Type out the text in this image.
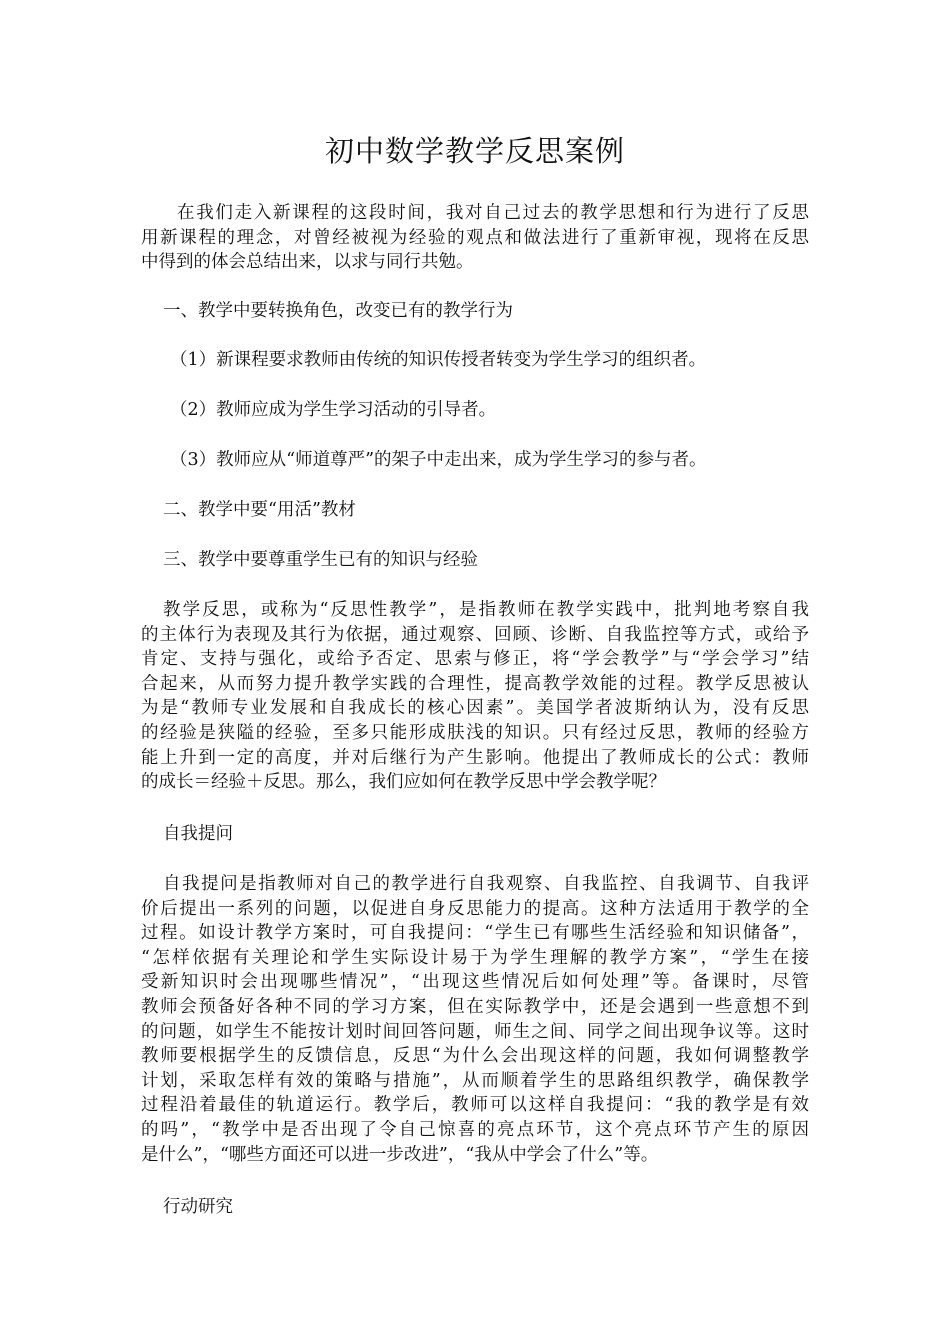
初中数学教学反思案例
在我们走入新课程的这段时间，我对自己过去的教学思想和行为进行了反思
用新课程的理念，对曾经被视为经验的观点和做法进行了重新审视，现将在反思
中得到的体会总结出来，以求与同行共勉。

一、教学中要转换角色，改变已有的教学行为

（1）新课程要求教师由传统的知识传授者转变为学生学习的组织者。

（2）教师应成为学生学习活动的引导者。

（3）教师应从“师道尊严”的架子中走出来，成为学生学习的参与者。

二、教学中要“用活”教材

三、教学中要尊重学生已有的知识与经验

教学反思，或称为“反思性教学”，是指教师在教学实践中，批判地考察自我
的主体行为表现及其行为依据，通过观察、回顾、诊断、自我监控等方式，或给予
肯定、支持与强化，或给予否定、思索与修正，将“学会教学”与“学会学习”结
合起来，从而努力提升教学实践的合理性，提高教学效能的过程。教学反思被认
为是“教师专业发展和自我成长的核心因素”。美国学者波斯纳认为，没有反思
的经验是狭隘的经验，至多只能形成肤浅的知识。只有经过反思，教师的经验方
能上升到一定的高度，并对后继行为产生影响。他提出了教师成长的公式：教师
的成长＝经验＋反思。那么，我们应如何在教学反思中学会教学呢？

自我提问

自我提问是指教师对自己的教学进行自我观察、自我监控、自我调节、自我评
价后提出一系列的问题，以促进自身反思能力的提高。这种方法适用于教学的全
过程。如设计教学方案时，可自我提问：“学生已有哪些生活经验和知识储备”，
“怎样依据有关理论和学生实际设计易于为学生理解的教学方案”，“学生在接
受新知识时会出现哪些情况”，“出现这些情况后如何处理”等。备课时，尽管
教师会预备好各种不同的学习方案，但在实际教学中，还是会遇到一些意想不到
的问题，如学生不能按计划时间回答问题，师生之间、同学之间出现争议等。这时
教师要根据学生的反馈信息，反思“为什么会出现这样的问题，我如何调整教学
计划，采取怎样有效的策略与措施”，从而顺着学生的思路组织教学，确保教学
过程沿着最佳的轨道运行。教学后，教师可以这样自我提问：“我的教学是有效
的吗”，“教学中是否出现了令自己惊喜的亮点环节，这个亮点环节产生的原因
是什么”，“哪些方面还可以进一步改进”，“我从中学会了什么”等。

行动研究
